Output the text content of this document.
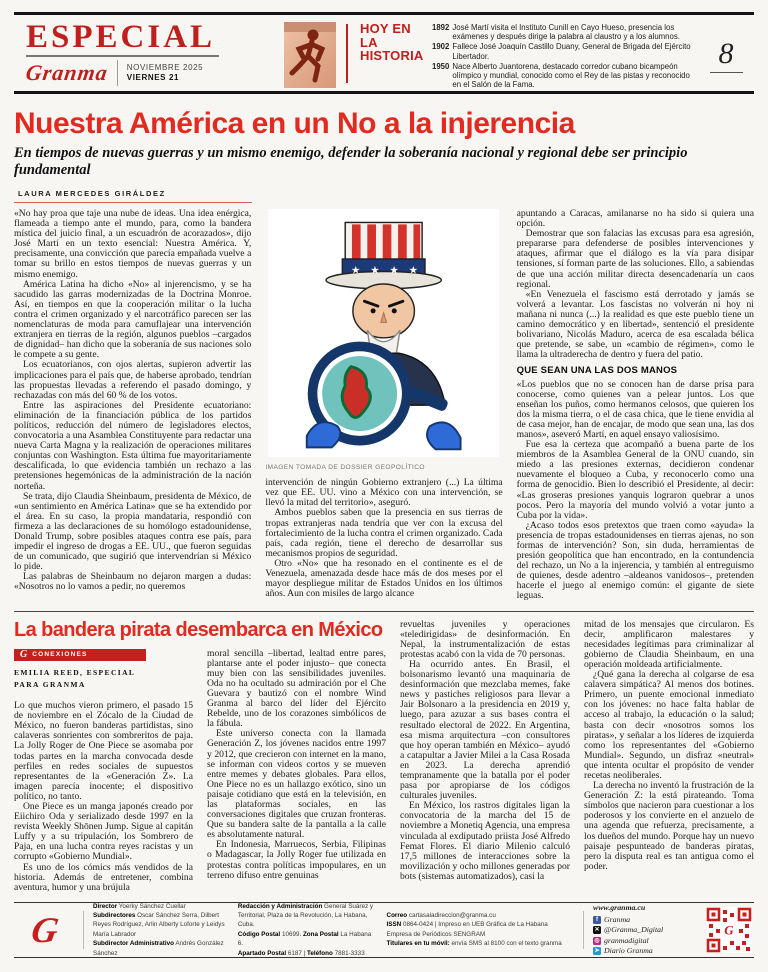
ESPECIAL
Granma NOVIEMBRE 2025
VIERNES 21
HOY EN LA
HISTORIA
1892 José Martí visita el Instituto Cunill en Cayo Hueso, presencia los exámenes y después dirige la palabra al claustro y a los alumnos.
1902 Fallece José Joaquín Castillo Duany, General de Brigada del Ejército Libertador.
1950 Nace Alberto Juantorena, destacado corredor cubano bicampeón olímpico y mundial, conocido como el Rey de las pistas y reconocido en el Salón de la Fama.
8
Nuestra América en un No a la injerencia
En tiempos de nuevas guerras y un mismo enemigo, defender la soberanía nacional y regional debe ser principio fundamental
LAURA MERCEDES GIRÁLDEZ

«No hay proa que taje una nube de ideas. Una idea enérgica, flameada a tiempo ante el mundo, para, como la bandera mística del juicio final, a un escuadrón de acorazados», dijo José Martí en un texto esencial: Nuestra América. Y, precisamente, una convicción que parecía empañada vuelve a tomar su brillo en estos tiempos de nuevas guerras y un mismo enemigo.

América Latina ha dicho «No» al injerencismo, y se ha sacudido las garras modernizadas de la Doctrina Monroe. Así, en tiempos en que la cooperación militar o la lucha contra el crimen organizado y el narcotráfico parecen ser las nomenclaturas de moda para camuflajear una intervención extranjera en tierras de la región, algunos pueblos –cargados de dignidad– han dicho que la soberanía de sus naciones solo le compete a su gente.

Los ecuatorianos, con ojos alertas, supieron advertir las implicaciones para el país que, de haberse aprobado, tendrían las propuestas llevadas a referendo el pasado domingo, y rechazadas con más del 60 % de los votos.

Entre las aspiraciones del Presidente ecuatoriano: eliminación de la financiación pública de los partidos políticos, reducción del número de legisladores electos, convocatoria a una Asamblea Constituyente para redactar una nueva Carta Magna y la realización de operaciones militares conjuntas con Washington. Esta última fue mayoritariamente descalificada, lo que evidencia también un rechazo a las pretensiones hegemónicas de la administración de la nación norteña.

Se trata, dijo Claudia Sheinbaum, presidenta de México, de «un sentimiento en América Latina» que se ha extendido por el área. En su caso, la propia mandataria, respondió con firmeza a las declaraciones de su homólogo estadounidense, Donald Trump, sobre posibles ataques contra ese país, para impedir el ingreso de drogas a EE. UU., que fueron seguidas de un comunicado, que sugirió que intervendrían si México lo pide.

Las palabras de Sheinbaum no dejaron margen a dudas: «Nosotros no lo vamos a pedir, no queremos

★ ★ ★ ★
IMAGEN TOMADA DE DOSSIER GEOPOLÍTICO

intervención de ningún Gobierno extranjero (...) La última vez que EE. UU. vino a México con una intervención, se llevó la mitad del territorio», aseguró.

Ambos pueblos saben que la presencia en sus tierras de tropas extranjeras nada tendría que ver con la excusa del fortalecimiento de la lucha contra el crimen organizado. Cada país, cada región, tiene el derecho de desarrollar sus mecanismos propios de seguridad.

Otro «No» que ha resonado en el continente es el de Venezuela, amenazada desde hace más de dos meses por el mayor despliegue militar de Estados Unidos en los últimos años. Aun con misiles de largo alcance

apuntando a Caracas, amilanarse no ha sido si quiera una opción.

Demostrar que son falacias las excusas para esa agresión, prepararse para defenderse de posibles intervenciones y ataques, afirmar que el diálogo es la vía para disipar tensiones, sí forman parte de las soluciones. Ello, a sabiendas de que una acción militar directa desencadenaría un caos regional.

«En Venezuela el fascismo está derrotado y jamás se volverá a levantar. Los fascistas no volverán ni hoy ni mañana ni nunca (...) la realidad es que este pueblo tiene un camino democrático y en libertad», sentenció el presidente bolivariano, Nicolás Maduro, acerca de esa escalada bélica que pretende, se sabe, un «cambio de régimen», como le llama la ultraderecha de dentro y fuera del patio.

QUE SEAN UNA LAS DOS MANOS

«Los pueblos que no se conocen han de darse prisa para conocerse, como quienes van a pelear juntos. Los que enseñan los puños, como hermanos celosos, que quieren los dos la misma tierra, o el de casa chica, que le tiene envidia al de casa mejor, han de encajar, de modo que sean una, las dos manos», aseveró Martí, en aquel ensayo valiosísimo.

Fue esa la certeza que acompañó a buena parte de los miembros de la Asamblea General de la ONU cuando, sin miedo a las presiones externas, decidieron condenar nuevamente el bloqueo a Cuba, y reconocerlo como una forma de genocidio. Bien lo describió el Presidente, al decir: «Las groseras presiones yanquis lograron quebrar a unos pocos. Pero la mayoría del mundo volvió a votar junto a Cuba por la vida».

¿Acaso todos esos pretextos que traen como «ayuda» la presencia de tropas estadounidenses en tierras ajenas, no son formas de intervención? Son, sin duda, herramientas de presión geopolítica que han encontrado, en la contundencia del rechazo, un No a la injerencia, y también al entreguismo de quienes, desde adentro –aldeanos vanidosos–, pretenden hacerle el juego al enemigo común: el gigante de siete leguas.

La bandera pirata desembarca en México
G CONEXIONES
EMILIA REED, ESPECIAL
PARA GRANMA

Lo que muchos vieron primero, el pasado 15 de noviembre en el Zócalo de la Ciudad de México, no fueron banderas partidistas, sino calaveras sonrientes con sombreritos de paja. La Jolly Roger de One Piece se asomaba por todas partes en la marcha convocada desde perfiles en redes sociales de supuestos representantes de la «Generación Z». La imagen parecía inocente; el dispositivo político, no tanto.

One Piece es un manga japonés creado por Eiichiro Oda y serializado desde 1997 en la revista Weekly Shōnen Jump. Sigue al capitán Luffy y a su tripulación, los Sombrero de Paja, en una lucha contra reyes racistas y un corrupto «Gobierno Mundial».

Es uno de los cómics más vendidos de la historia. Además de entretener, combina aventura, humor y una brújula

moral sencilla –libertad, lealtad entre pares, plantarse ante el poder injusto– que conecta muy bien con las sensibilidades juveniles. Oda no ha ocultado su admiración por el Che Guevara y bautizó con el nombre Wind Granma al barco del líder del Ejército Rebelde, uno de los corazones simbólicos de la fábula.

Este universo conecta con la llamada Generación Z, los jóvenes nacidos entre 1997 y 2012, que crecieron con internet en la mano, se informan con videos cortos y se mueven entre memes y debates globales. Para ellos, One Piece no es un hallazgo exótico, sino un paisaje cotidiano que está en la televisión, en las plataformas sociales, en las conversaciones digitales que cruzan fronteras. Que su bandera salte de la pantalla a la calle es absolutamente natural.

En Indonesia, Marruecos, Serbia, Filipinas o Madagascar, la Jolly Roger fue utilizada en protestas contra políticas impopulares, en un terreno difuso entre genuinas

revueltas juveniles y operaciones «teledirigidas» de desinformación. En Nepal, la instrumentalización de estas protestas acabó con la vida de 70 personas.

Ha ocurrido antes. En Brasil, el bolsonarismo levantó una maquinaria de desinformación que mezclaba memes, fake news y pastiches religiosos para llevar a Jair Bolsonaro a la presidencia en 2019 y, luego, para azuzar a sus bases contra el resultado electoral de 2022. En Argentina, esa misma arquitectura –con consultores que hoy operan también en México– ayudó a catapultar a Javier Milei a la Casa Rosada en 2023. La derecha aprendió tempranamente que la batalla por el poder pasa por apropiarse de los códigos culturales juveniles.

En México, los rastros digitales ligan la convocatoria de la marcha del 15 de noviembre a Monetiq Agencia, una empresa vinculada al exdiputado priista José Alfredo Femat Flores. El diario Milenio calculó 17,5 millones de interacciones sobre la movilización y ocho millones generadas por bots (sistemas automatizados), casi la

mitad de los mensajes que circularon. Es decir, amplificaron malestares y necesidades legítimas para criminalizar al gobierno de Claudia Sheinbaum, en una operación moldeada artificialmente.

¿Qué gana la derecha al colgarse de esa calavera simpática? Al menos dos botines. Primero, un puente emocional inmediato con los jóvenes: no hace falta hablar de acceso al trabajo, la educación o la salud; basta con decir «nosotros somos los piratas», y señalar a los líderes de izquierda como los representantes del «Gobierno Mundial». Segundo, un disfraz «neutral» que intenta ocultar el propósito de vender recetas neoliberales.

La derecha no inventó la frustración de la Generación Z: la está pirateando. Toma símbolos que nacieron para cuestionar a los poderosos y los convierte en el anzuelo de una agenda que refuerza, precisamente, a los dueños del mundo. Porque hay un nuevo paisaje pespunteado de banderas piratas, pero la disputa real es tan antigua como el poder.

G
Director Yoerky Sánchez Cuellar
Subdirectores Oscar Sánchez Serra, Dilbert Reyes Rodríguez, Arlin Alberty Loforte y Leidys María Labrador
Subdirector Administrativo Andrés González Sánchez
Redacción y Administración General Suárez y Territorial, Plaza de la Revolución, La Habana, Cuba.
Código Postal 10699. Zona Postal La Habana 6.
Apartado Postal 6187 | Teléfono 7881-3333
Correo cartasaladireccion@granma.cu
ISSN 0864-0424 | Impreso en UEB Gráfica de La Habana Empresa de Periódicos SENGRAM
Titulares en tu móvil: envía SMS al 8100 con el texto granma
www.granma.cu
f Granma
✕ @Granma_Digital
◎ granmadigital
➤ Diario Granma
G
